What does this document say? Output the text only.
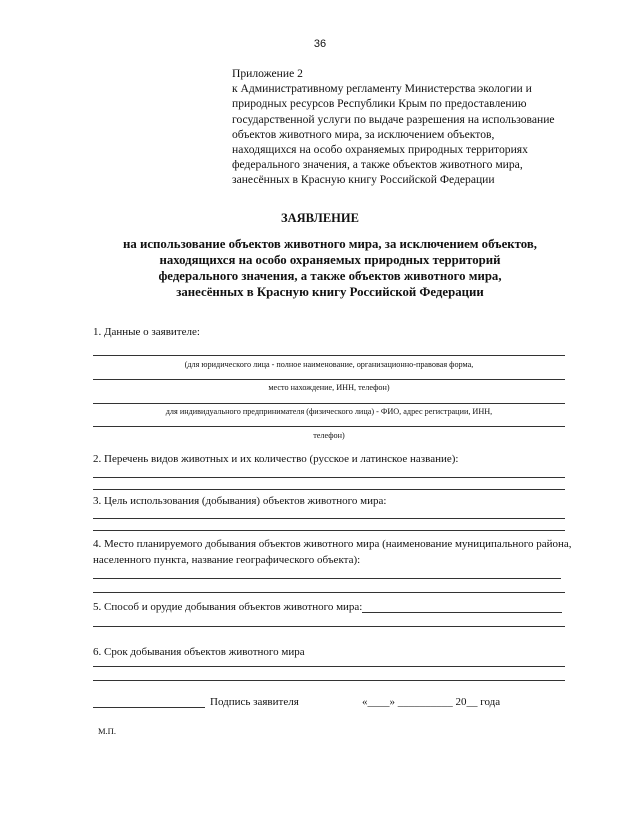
36
Приложение 2
к Административному регламенту Министерства экологии и
природных ресурсов Республики Крым по предоставлению
государственной услуги по выдаче разрешения на использование
объектов животного мира, за исключением объектов,
находящихся на особо охраняемых природных территориях
федерального значения, а также объектов животного мира,
занесённых в Красную книгу Российской Федерации
ЗАЯВЛЕНИЕ
на использование объектов животного мира, за исключением объектов,
находящихся на особо охраняемых природных территорий
федерального значения, а также объектов животного мира,
занесённых в Красную книгу Российской Федерации
1. Данные о заявителе:
(для юридического лица - полное наименование, организационно-правовая форма,
место нахождение, ИНН, телефон)
для индивидуального предпринимателя (физического лица) - ФИО, адрес регистрации, ИНН,
телефон)
2. Перечень видов животных и их количество (русское и латинское название):
3. Цель использования (добывания) объектов животного мира:
4. Место планируемого добывания объектов животного мира (наименование муниципального района,
населенного пункта, название географического объекта):
5. Способ и орудие добывания объектов животного мира:
6. Срок добывания объектов животного мира
Подпись заявителя	«____» __________ 20__ года
М.П.
